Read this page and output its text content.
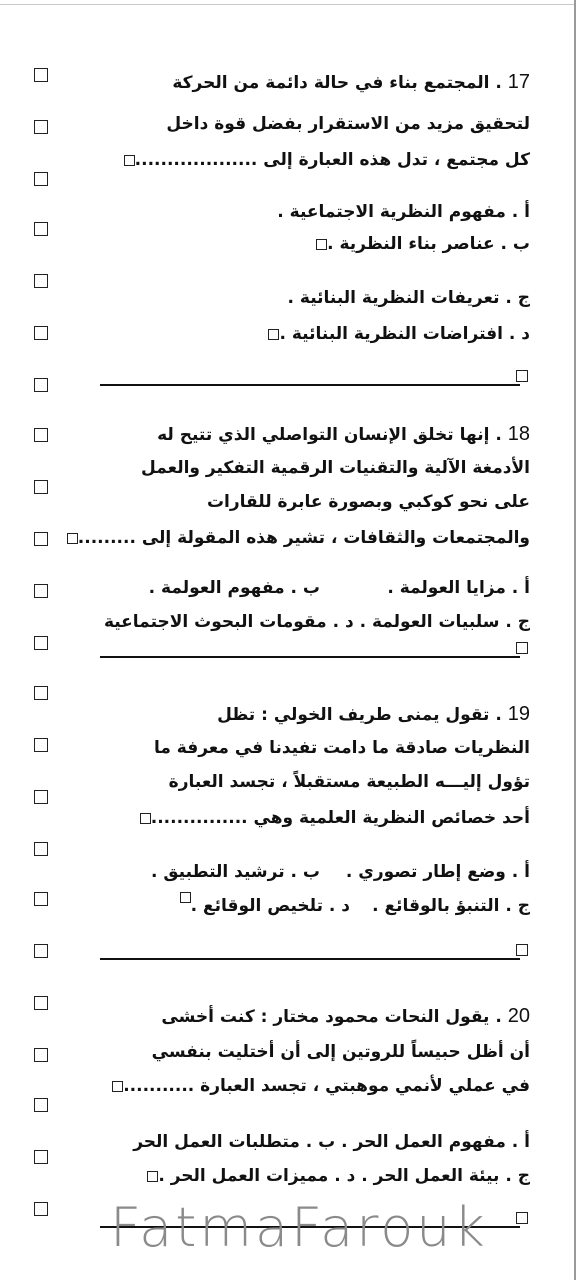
17 . المجتمع بناء في حالة دائمة من الحركة
لتحقيق مزيد من الاستقرار بفضل قوة داخل
كل مجتمع ، تدل هذه العبارة إلى ...................
أ . مفهوم النظرية الاجتماعية .
ب . عناصر بناء النظرية .
ج . تعريفات النظرية البنائية .
د . افتراضات النظرية البنائية .
18 . إنها تخلق الإنسان التواصلي الذي تتيح له
الأدمغة الآلية والتقنيات الرقمية التفكير والعمل
على نحو كوكبي وبصورة عابرة للقارات
والمجتمعات والثقافات ، تشير هذه المقولة إلى .........
أ . مزايا العولمة .
ب . مفهوم العولمة .
ج . سلبيات العولمة . د . مقومات البحوث الاجتماعية
19 . تقول يمنى طريف الخولي : تظل
النظريات صادقة ما دامت تفيدنا في معرفة ما
تؤول إليـــه الطبيعة مستقبلاً ، تجسد العبارة
أحد خصائص النظرية العلمية وهي ...............
أ . وضع إطار تصوري .
ب . ترشيد التطبيق .
ج . التنبؤ بالوقائع .
د . تلخيص الوقائع .
20 . يقول النحات محمود مختار : كنت أخشى
أن أظل حبيساً للروتين إلى أن أختليت بنفسي
في عملي لأنمي موهبتي ، تجسد العبارة ...........
أ . مفهوم العمل الحر . ب . متطلبات العمل الحر
ج . بيئة العمل الحر . د . مميزات العمل الحر .
FatmaFarouk
